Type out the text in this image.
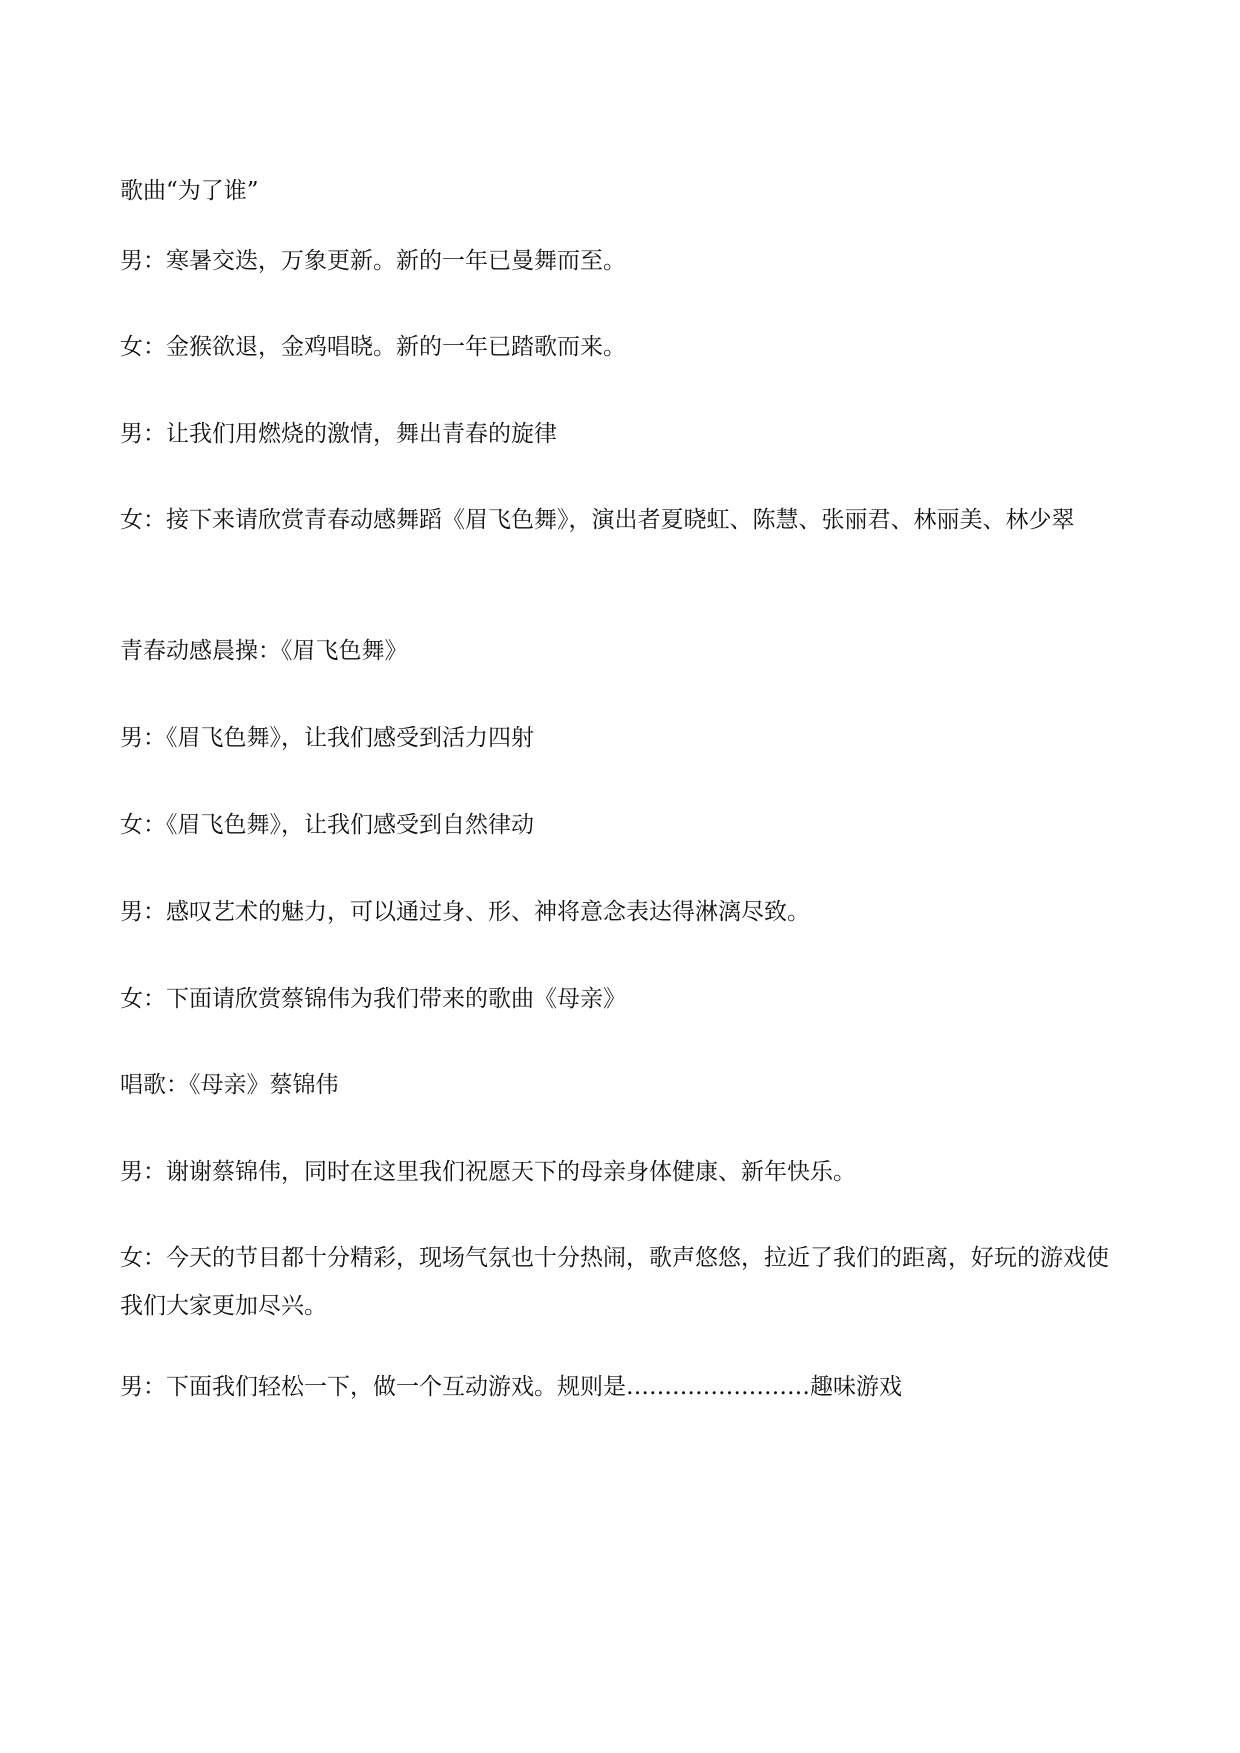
歌曲“为了谁”

男：寒暑交迭，万象更新。新的一年已曼舞而至。

女：金猴欲退，金鸡唱晓。新的一年已踏歌而来。

男：让我们用燃烧的激情，舞出青春的旋律

女：接下来请欣赏青春动感舞蹈《眉飞色舞》，演出者夏晓虹、陈慧、张丽君、林丽美、林少翠

青春动感晨操：《眉飞色舞》

男：《眉飞色舞》，让我们感受到活力四射

女：《眉飞色舞》，让我们感受到自然律动

男：感叹艺术的魅力，可以通过身、形、神将意念表达得淋漓尽致。

女：下面请欣赏蔡锦伟为我们带来的歌曲《母亲》

唱歌：《母亲》蔡锦伟

男：谢谢蔡锦伟，同时在这里我们祝愿天下的母亲身体健康、新年快乐。

女：今天的节目都十分精彩，现场气氛也十分热闹，歌声悠悠，拉近了我们的距离，好玩的游戏使我们大家更加尽兴。

男：下面我们轻松一下，做一个互动游戏。规则是……………………趣味游戏
